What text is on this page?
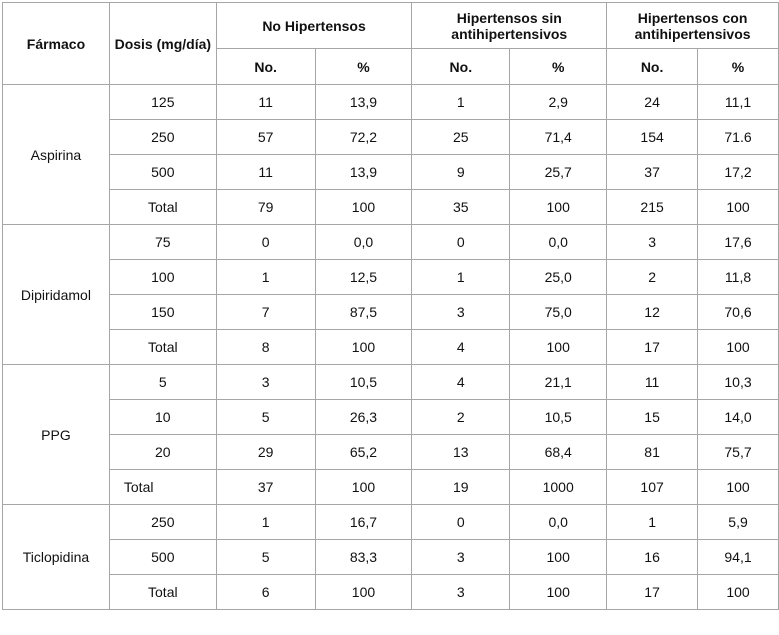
Fármaco	Dosis (mg/día)	No Hipertensos		Hipertensos sin antihipertensivos		Hipertensos con antihipertensivos	
		No.	%	No.	%	No.	%
Aspirina	125	11	13,9	1	2,9	24	11,1
	250	57	72,2	25	71,4	154	71.6
	500	11	13,9	9	25,7	37	17,2
	Total	79	100	35	100	215	100
Dipiridamol	75	0	0,0	0	0,0	3	17,6
	100	1	12,5	1	25,0	2	11,8
	150	7	87,5	3	75,0	12	70,6
	Total	8	100	4	100	17	100
PPG	5	3	10,5	4	21,1	11	10,3
	10	5	26,3	2	10,5	15	14,0
	20	29	65,2	13	68,4	81	75,7
	Total	37	100	19	1000	107	100
Ticlopidina	250	1	16,7	0	0,0	1	5,9
	500	5	83,3	3	100	16	94,1
	Total	6	100	3	100	17	100
